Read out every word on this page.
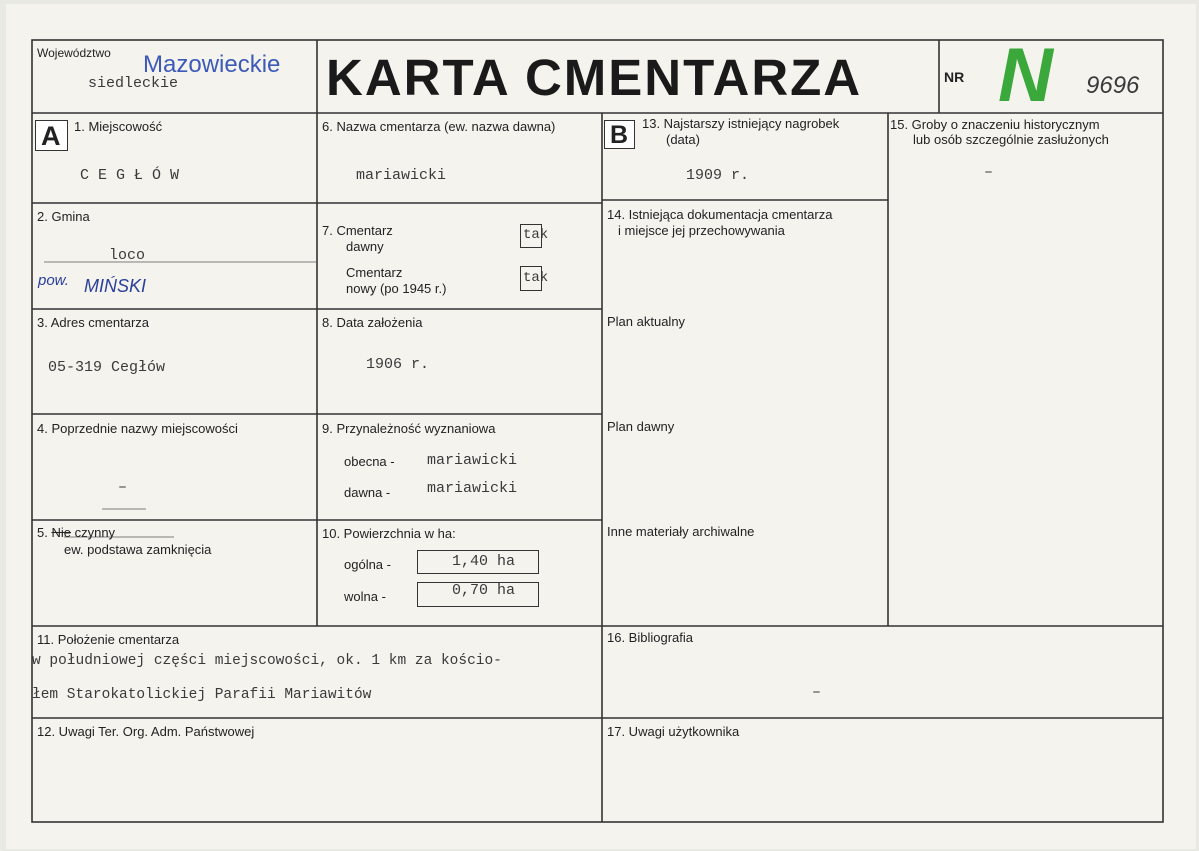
Województwo Mazowieckie
siedleckie	KARTA CMENTARZA	NR N 9696
A	B
1. Miejscowość
C E G Ł Ó W
2. Gmina
loco
pow. MIŃSKI
3. Adres cmentarza
05-319 Cegłów
4. Poprzednie nazwy miejscowości
–
5. Nie czynny
ew. podstawa zamknięcia
6. Nazwa cmentarza (ew. nazwa dawna)
mariawicki
7. Cmentarz
dawny
tak
Cmentarz
nowy (po 1945 r.)
tak
8. Data założenia
1906 r.
9. Przynależność wyznaniowa
obecna - mariawicki
dawna - mariawicki
10. Powierzchnia w ha:
ogólna -	1,40 ha
wolna -	0,70 ha
11. Położenie cmentarza
w południowej części miejscowości, ok. 1 km za kościo-
łem Starokatolickiej Parafii Mariawitów
12. Uwagi Ter. Org. Adm. Państwowej
13. Najstarszy istniejący nagrobek
(data)
1909 r.
14. Istniejąca dokumentacja cmentarza
i miejsce jej przechowywania
Plan aktualny
Plan dawny
Inne materiały archiwalne
15. Groby o znaczeniu historycznym
lub osób szczególnie zasłużonych
–
16. Bibliografia
–
17. Uwagi użytkownika
